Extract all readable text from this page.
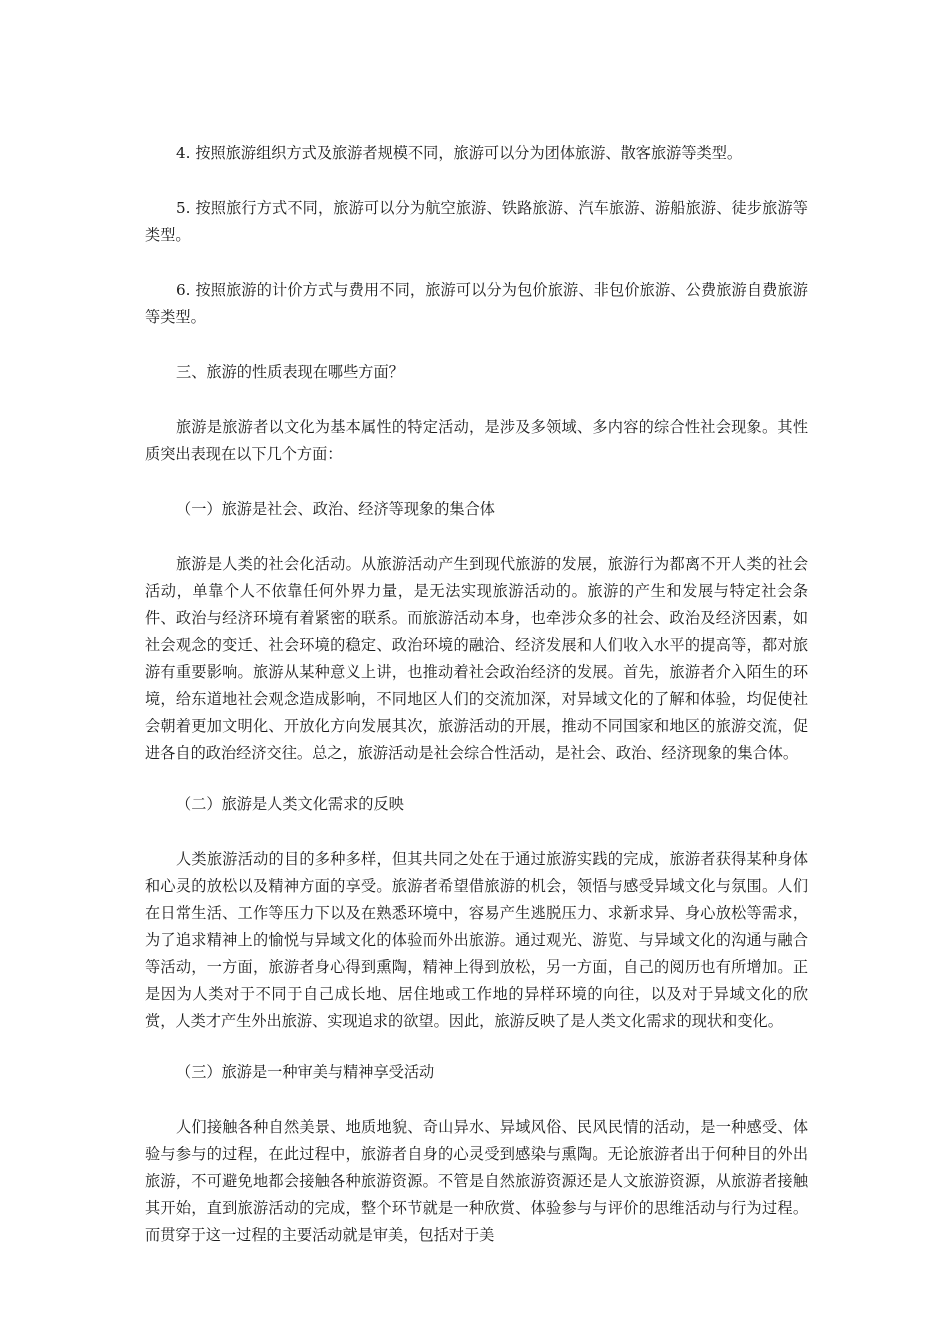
4. 按照旅游组织方式及旅游者规模不同，旅游可以分为团体旅游、散客旅游等类型。

5. 按照旅行方式不同，旅游可以分为航空旅游、铁路旅游、汽车旅游、游船旅游、徒步旅游等类型。

6. 按照旅游的计价方式与费用不同，旅游可以分为包价旅游、非包价旅游、公费旅游自费旅游等类型。

三、旅游的性质表现在哪些方面？

旅游是旅游者以文化为基本属性的特定活动，是涉及多领域、多内容的综合性社会现象。其性质突出表现在以下几个方面：

（一）旅游是社会、政治、经济等现象的集合体

旅游是人类的社会化活动。从旅游活动产生到现代旅游的发展，旅游行为都离不开人类的社会活动，单靠个人不依靠任何外界力量，是无法实现旅游活动的。旅游的产生和发展与特定社会条件、政治与经济环境有着紧密的联系。而旅游活动本身，也牵涉众多的社会、政治及经济因素，如社会观念的变迁、社会环境的稳定、政治环境的融洽、经济发展和人们收入水平的提高等，都对旅游有重要影响。旅游从某种意义上讲，也推动着社会政治经济的发展。首先，旅游者介入陌生的环境，给东道地社会观念造成影响，不同地区人们的交流加深，对异域文化的了解和体验，均促使社会朝着更加文明化、开放化方向发展其次，旅游活动的开展，推动不同国家和地区的旅游交流，促进各自的政治经济交往。总之，旅游活动是社会综合性活动，是社会、政治、经济现象的集合体。

（二）旅游是人类文化需求的反映

人类旅游活动的目的多种多样，但其共同之处在于通过旅游实践的完成，旅游者获得某种身体和心灵的放松以及精神方面的享受。旅游者希望借旅游的机会，领悟与感受异域文化与氛围。人们在日常生活、工作等压力下以及在熟悉环境中，容易产生逃脱压力、求新求异、身心放松等需求，为了追求精神上的愉悦与异域文化的体验而外出旅游。通过观光、游览、与异域文化的沟通与融合等活动，一方面，旅游者身心得到熏陶，精神上得到放松，另一方面，自己的阅历也有所增加。正是因为人类对于不同于自己成长地、居住地或工作地的异样环境的向往，以及对于异域文化的欣赏，人类才产生外出旅游、实现追求的欲望。因此，旅游反映了是人类文化需求的现状和变化。

（三）旅游是一种审美与精神享受活动

人们接触各种自然美景、地质地貌、奇山异水、异域风俗、民风民情的活动，是一种感受、体验与参与的过程，在此过程中，旅游者自身的心灵受到感染与熏陶。无论旅游者出于何种目的外出旅游，不可避免地都会接触各种旅游资源。不管是自然旅游资源还是人文旅游资源，从旅游者接触其开始，直到旅游活动的完成，整个环节就是一种欣赏、体验参与与评价的思维活动与行为过程。而贯穿于这一过程的主要活动就是审美，包括对于美
